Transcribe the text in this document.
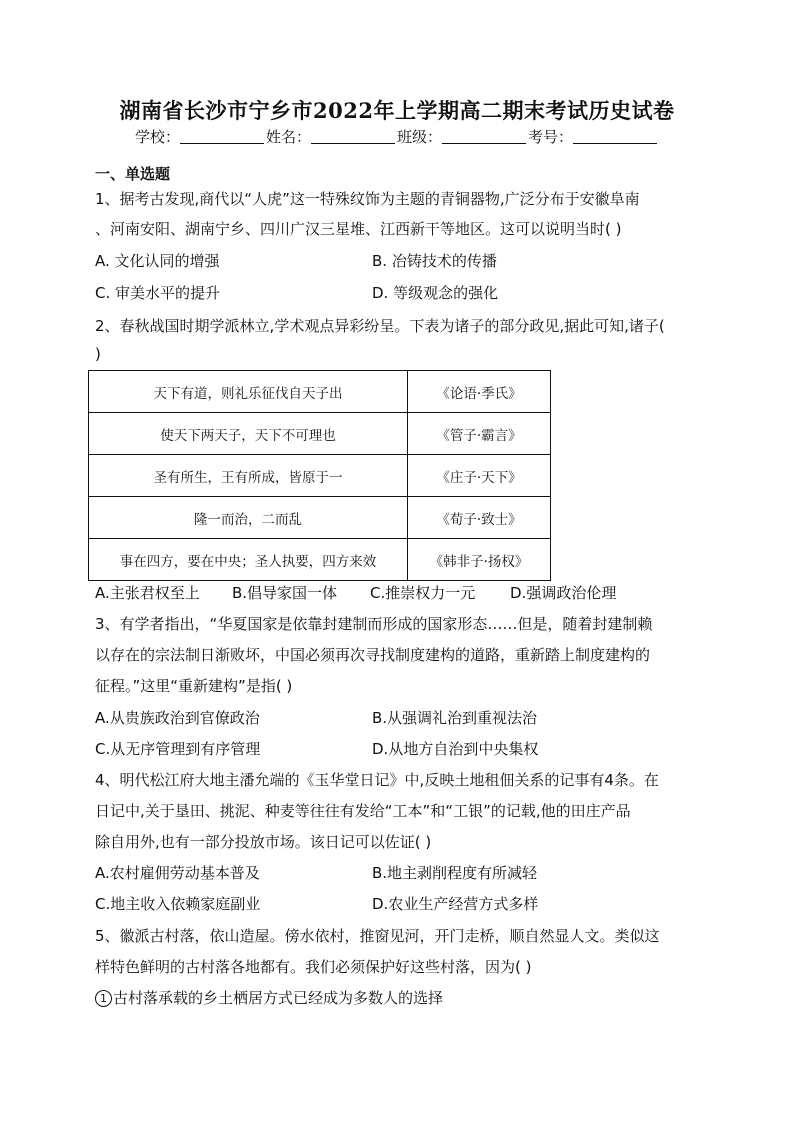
湖南省长沙市宁乡市2022年上学期高二期末考试历史试卷
学校：	姓名：	班级：	考号：
一、单选题
1、据考古发现,商代以“人虎”这一特殊纹饰为主题的青铜器物,广泛分布于安徽阜南
、河南安阳、湖南宁乡、四川广汉三星堆、江西新干等地区。这可以说明当时( )
A. 文化认同的增强	B. 冶铸技术的传播
C. 审美水平的提升	D. 等级观念的强化
2、春秋战国时期学派林立,学术观点异彩纷呈。下表为诸子的部分政见,据此可知,诸子(
)
天下有道，则礼乐征伐自天子出	《论语·季氏》
使天下两天子，天下不可理也	《管子·霸言》
圣有所生，王有所成，皆原于一	《庄子·天下》
隆一而治，二而乱	《荀子·致士》
事在四方，要在中央；圣人执要，四方来效	《韩非子·扬权》
A.主张君权至上 B.倡导家国一体 C.推崇权力一元 D.强调政治伦理
3、有学者指出，“华夏国家是依靠封建制而形成的国家形态……但是，随着封建制赖
以存在的宗法制日渐败坏，中国必须再次寻找制度建构的道路，重新踏上制度建构的
征程。”这里“重新建构”是指( )
A.从贵族政治到官僚政治	B.从强调礼治到重视法治
C.从无序管理到有序管理	D.从地方自治到中央集权
4、明代松江府大地主潘允端的《玉华堂日记》中,反映土地租佃关系的记事有4条。在
日记中,关于垦田、挑泥、种麦等往往有发给“工本”和“工银”的记载,他的田庄产品
除自用外,也有一部分投放市场。该日记可以佐证( )
A.农村雇佣劳动基本普及	B.地主剥削程度有所减轻
C.地主收入依赖家庭副业	D.农业生产经营方式多样
5、徽派古村落，依山造屋。傍水依村，推窗见河，开门走桥，顺自然显人文。类似这
样特色鲜明的古村落各地都有。我们必须保护好这些村落，因为( )
1 古村落承载的乡土栖居方式已经成为多数人的选择
